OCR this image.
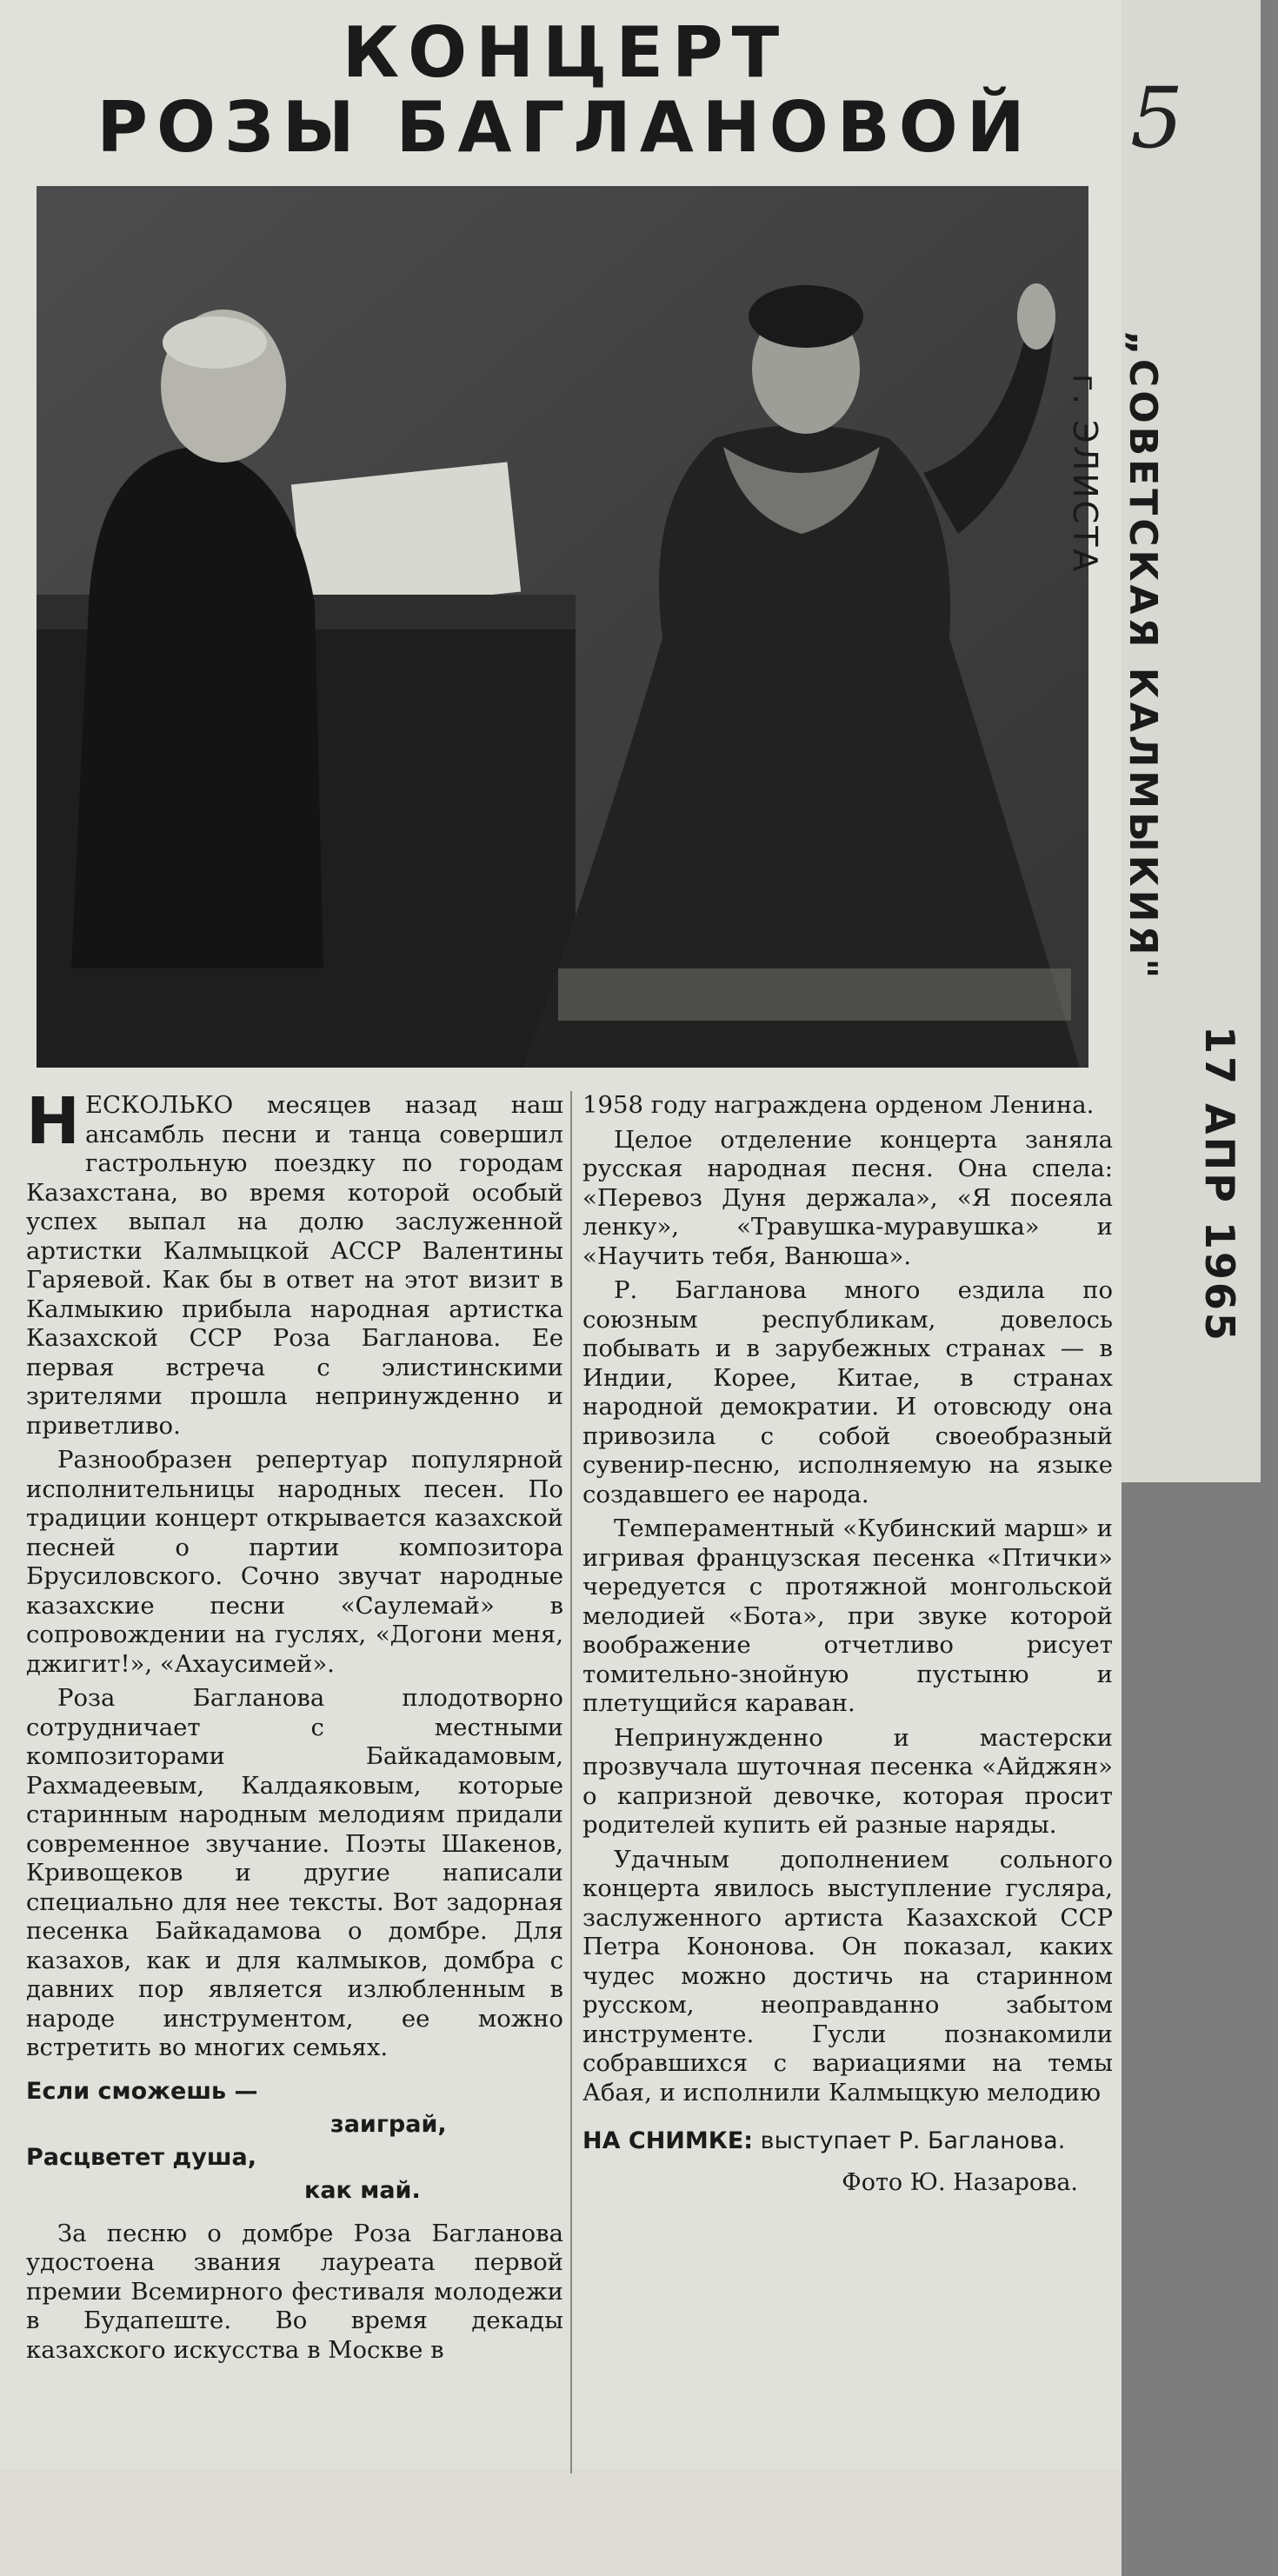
КОНЦЕРТ
РОЗЫ БАГЛАНОВОЙ	5
„СОВЕТСКАЯ КАЛМЫКИЯ"
г. ЭЛИСТА
17 АПР 1965

НЕСКОЛЬКО месяцев назад наш ансамбль песни и танца совершил гастрольную поездку по городам Казахстана, во время которой особый успех выпал на долю заслуженной артистки Калмыцкой АССР Валентины Гаряевой. Как бы в ответ на этот визит в Калмыкию прибыла народная артистка Казахской ССР Роза Багланова. Ее первая встреча с элистинскими зрителями прошла непринужденно и приветливо.

Разнообразен репертуар популярной исполнительницы народных песен. По традиции концерт открывается казахской песней о партии композитора Брусиловского. Сочно звучат народные казахские песни «Саулемай» в сопровождении на гуслях, «Догони меня, джигит!», «Ахаусимей».

Роза Багланова плодотворно сотрудничает с местными композиторами Байкадамовым, Рахмадеевым, Калдаяковым, которые старинным народным мелодиям придали современное звучание. Поэты Шакенов, Кривощеков и другие написали специально для нее тексты. Вот задорная песенка Байкадамова о домбре. Для казахов, как и для калмыков, домбра с давних пор является излюбленным в народе инструментом, ее можно встретить во многих семьях.

Если сможешь —
заиграй,
Расцветет душа,
как май.

За песню о домбре Роза Багланова удостоена звания лауреата первой премии Всемирного фестиваля молодежи в Будапеште. Во время декады казахского искусства в Москве в

1958 году награждена орденом Ленина.

Целое отделение концерта заняла русская народная песня. Она спела: «Перевоз Дуня держала», «Я посеяла ленку», «Травушка-муравушка» и «Научить тебя, Ванюша».

Р. Багланова много ездила по союзным республикам, довелось побывать и в зарубежных странах — в Индии, Корее, Китае, в странах народной демократии. И отовсюду она привозила с собой своеобразный сувенир-песню, исполняемую на языке создавшего ее народа.

Темпераментный «Кубинский марш» и игривая французская песенка «Птички» чередуется с протяжной монгольской мелодией «Бота», при звуке которой воображение отчетливо рисует томительно-знойную пустыню и плетущийся караван.

Непринужденно и мастерски прозвучала шуточная песенка «Айджян» о капризной девочке, которая просит родителей купить ей разные наряды.

Удачным дополнением сольного концерта явилось выступление гусляра, заслуженного артиста Казахской ССР Петра Кононова. Он показал, каких чудес можно достичь на старинном русском, неоправданно забытом инструменте. Гусли познакомили собравшихся с вариациями на темы Абая, и исполнили Калмыцкую мелодию

НА СНИМКЕ: выступает Р. Багланова.
Фото Ю. Назарова.
